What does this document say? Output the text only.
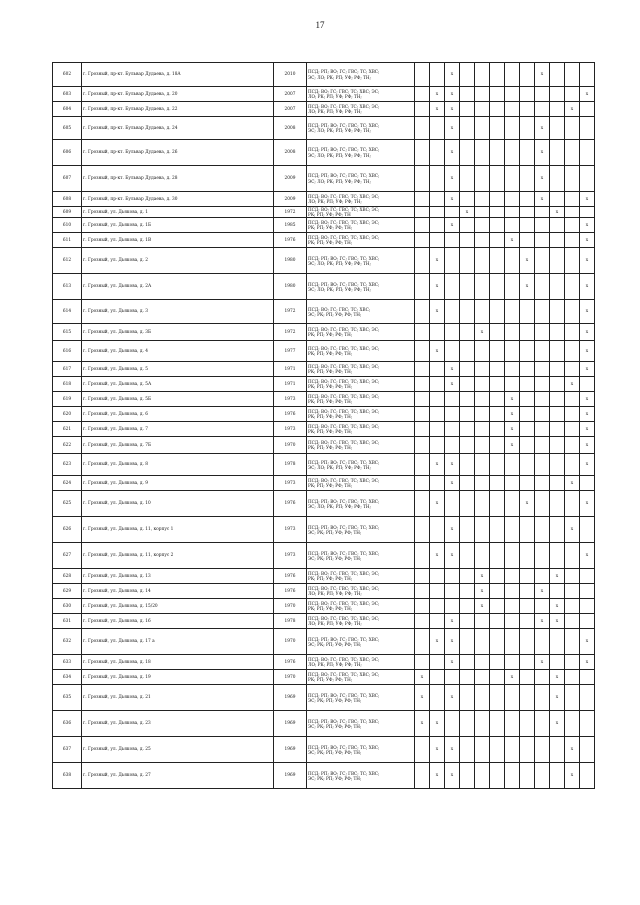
17
602	г. Грозный, пр-кт. Бульвар Дудаева, д. 18А	2010	ПСД; РП; ВО; ГС; ГВС; ТС; ХВС;
ЭС; ЛО; РК; РП; УФ; РФ; ТН;			x						x			
603	г. Грозный, пр-кт. Бульвар Дудаева, д. 20	2007	ПСД; ВО; ГС; ГВС; ТС; ХВС; ЭС;
ЛО; РК; РП; УФ; РФ; ТН;		x	x									x
604	г. Грозный, пр-кт. Бульвар Дудаева, д. 22	2007	ПСД; ВО; ГС; ГВС; ТС; ХВС; ЭС;
ЛО; РК; РП; УФ; РФ; ТН;		x	x								x	
605	г. Грозный, пр-кт. Бульвар Дудаева, д. 24	2008	ПСД; РП; ВО; ГС; ГВС; ТС; ХВС;
ЭС; ЛО; РК; РП; УФ; РФ; ТН;			x						x			
606	г. Грозный, пр-кт. Бульвар Дудаева, д. 26	2008	ПСД; РП; ВО; ГС; ГВС; ТС; ХВС;
ЭС; ЛО; РК; РП; УФ; РФ; ТН;			x						x			
607	г. Грозный, пр-кт. Бульвар Дудаева, д. 28	2009	ПСД; РП; ВО; ГС; ГВС; ТС; ХВС;
ЭС; ЛО; РК; РП; УФ; РФ; ТН;			x						x			
608	г. Грозный, пр-кт. Бульвар Дудаева, д. 30	2009	ПСД; ВО; ГС; ГВС; ТС; ХВС; ЭС;
ЛО; РК; РП; УФ; РФ; ТН;			x						x			x
609	г. Грозный, ул. Дьякова, д. 1	1972	ПСД; ВО; ГС; ГВС; ТС; ХВС; ЭС;
РК; РП; УФ; РФ; ТН				x						x		
610	г. Грозный, ул. Дьякова, д. 1Б	1985	ПСД; ВО; ГС; ГВС; ТС; ХВС; ЭС;
РК; РП; УФ; РФ; ТН;			x									x
611	г. Грозный, ул. Дьякова, д. 1В	1976	ПСД; ВО; ГС; ГВС; ТС; ХВС; ЭС;
РК; РП; УФ; РФ; ТН;							x					x
612	г. Грозный, ул. Дьякова, д. 2	1980	ПСД; РП; ВО; ГС; ГВС; ТС; ХВС;
ЭС; ЛО; РК; РП; УФ; РФ; ТН;		x						x				x
613	г. Грозный, ул. Дьякова, д. 2А	1980	ПСД; РП; ВО; ГС; ГВС; ТС; ХВС;
ЭС; ЛО; РК; РП; УФ; РФ; ТН;		x						x				x
614	г. Грозный, ул. Дьякова, д. 3	1972	ПСД; ВО; ГС; ГВС; ТС; ХВС;
ЭС; РК; РП; УФ; РФ; ТН;		x										x
615	г. Грозный, ул. Дьякова, д. 3Б	1972	ПСД; ВО; ГС; ГВС; ТС; ХВС; ЭС;
РК; РП; УФ; РФ; ТН;					x							x
616	г. Грозный, ул. Дьякова, д. 4	1977	ПСД; ВО; ГС; ГВС; ТС; ХВС; ЭС;
РК; РП; УФ; РФ; ТН;		x										x
617	г. Грозный, ул. Дьякова, д. 5	1971	ПСД; ВО; ГС; ГВС; ТС; ХВС; ЭС;
РК; РП; УФ; РФ; ТН;			x									x
618	г. Грозный, ул. Дьякова, д. 5А	1971	ПСД; ВО; ГС; ГВС; ТС; ХВС; ЭС;
РК; РП; УФ; РФ; ТН;			x								x	
619	г. Грозный, ул. Дьякова, д. 5Б	1973	ПСД; ВО; ГС; ГВС; ТС; ХВС; ЭС;
РК; РП; УФ; РФ; ТН;							x					x
620	г. Грозный, ул. Дьякова, д. 6	1976	ПСД; ВО; ГС; ГВС; ТС; ХВС; ЭС;
РК; РП; УФ; РФ; ТН;							x					x
621	г. Грозный, ул. Дьякова, д. 7	1973	ПСД; ВО; ГС; ГВС; ТС; ХВС; ЭС;
РК; РП; УФ; РФ; ТН;							x					x
622	г. Грозный, ул. Дьякова, д. 7Б	1970	ПСД; ВО; ГС; ГВС; ТС; ХВС; ЭС;
РК; РП; УФ; РФ; ТН;							x					x
623	г. Грозный, ул. Дьякова, д. 8	1978	ПСД; РП; ВО; ГС; ГВС; ТС; ХВС;
ЭС; ЛО; РК; РП; УФ; РФ; ТН;		x	x									x
624	г. Грозный, ул. Дьякова, д. 9	1973	ПСД; ВО; ГС; ГВС; ТС; ХВС; ЭС;
РК; РП; УФ; РФ; ТН;			x								x	
625	г. Грозный, ул. Дьякова, д. 10	1976	ПСД; РП; ВО; ГС; ГВС; ТС; ХВС;
ЭС; ЛО; РК; РП; УФ; РФ; ТН;		x						x				x
626	г. Грозный, ул. Дьякова, д. 11, корпус 1	1973	ПСД; РП; ВО; ГС; ГВС; ТС; ХВС;
ЭС; РК; РП; УФ; РФ; ТН;			x								x	
627	г. Грозный, ул. Дьякова, д. 11, корпус 2	1973	ПСД; РП; ВО; ГС; ГВС; ТС; ХВС;
ЭС; РК; РП; УФ; РФ; ТН;		x	x									x
628	г. Грозный, ул. Дьякова, д. 13	1976	ПСД; ВО; ГС; ГВС; ТС; ХВС; ЭС;
РК; РП; УФ; РФ; ТН;					x					x		
629	г. Грозный, ул. Дьякова, д. 14	1976	ПСД; ВО; ГС; ГВС; ТС; ХВС; ЭС;
ЛО; РК; РП; УФ; РФ; ТН;					x				x			
630	г. Грозный, ул. Дьякова, д. 15/20	1970	ПСД; ВО; ГС; ГВС; ТС; ХВС; ЭС;
РК; РП; УФ; РФ; ТН;					x					x		
631	г. Грозный, ул. Дьякова, д. 16	1978	ПСД; ВО; ГС; ГВС; ТС; ХВС; ЭС;
ЛО; РК; РП; УФ; РФ; ТН;			x						x	x		
632	г. Грозный, ул. Дьякова, д. 17 а	1970	ПСД; РП; ВО; ГС; ГВС; ТС; ХВС;
ЭС; РК; РП; УФ; РФ; ТН;		x	x									x
633	г. Грозный, ул. Дьякова, д. 18	1976	ПСД; ВО; ГС; ГВС; ТС; ХВС; ЭС;
ЛО; РК; РП; УФ; РФ; ТН;			x						x			x
634	г. Грозный, ул. Дьякова, д. 19	1970	ПСД; ВО; ГС; ГВС; ТС; ХВС; ЭС;
РК; РП; УФ; РФ; ТН;	x						x			x		
635	г. Грозный, ул. Дьякова, д. 21	1969	ПСД; РП; ВО; ГС; ГВС; ТС; ХВС;
ЭС; РК; РП; УФ; РФ; ТН;	x		x							x		
636	г. Грозный, ул. Дьякова, д. 23	1969	ПСД; РП; ВО; ГС; ГВС; ТС; ХВС;
ЭС; РК; РП; УФ; РФ; ТН;	x	x								x		
637	г. Грозный, ул. Дьякова, д. 25	1969	ПСД; РП; ВО; ГС; ГВС; ТС; ХВС;
ЭС; РК; РП; УФ; РФ; ТН;		x	x								x	
638	г. Грозный, ул. Дьякова, д. 27	1969	ПСД; РП; ВО; ГС; ГВС; ТС; ХВС;
ЭС; РК; РП; УФ; РФ; ТН;		x	x								x	
